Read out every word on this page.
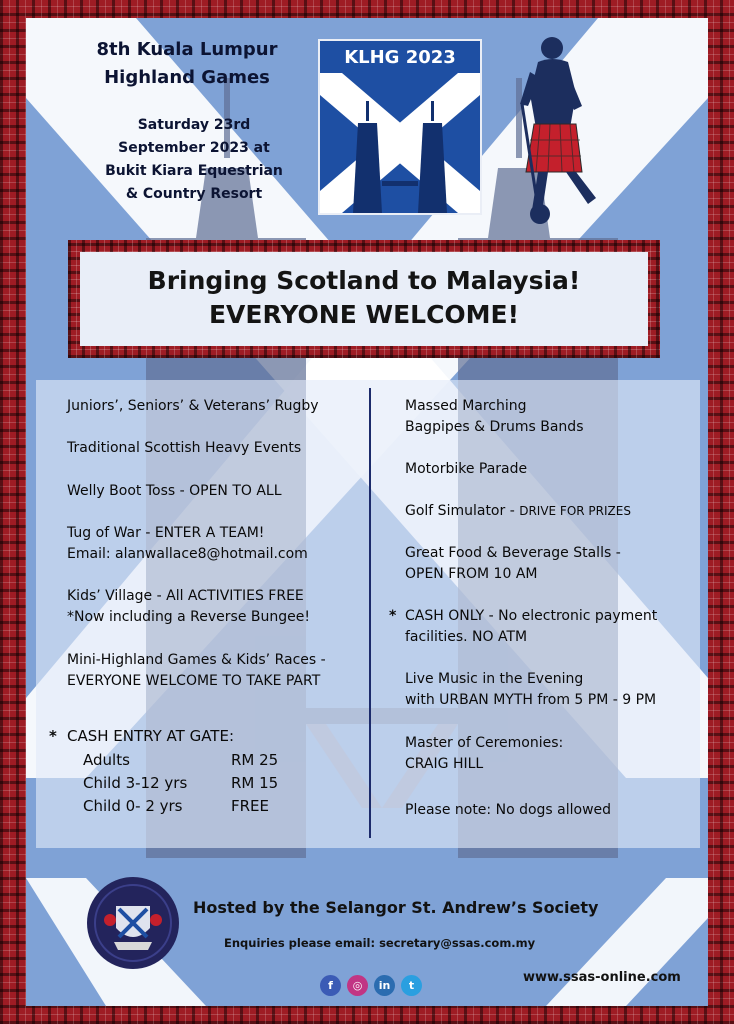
8th Kuala Lumpur
Highland Games
Saturday 23rd
September 2023 at
Bukit Kiara Equestrian
& Country Resort
KLHG 2023
Bringing Scotland to Malaysia!
EVERYONE WELCOME!
Juniors’, Seniors’ & Veterans’ Rugby
Traditional Scottish Heavy Events
Welly Boot Toss - OPEN TO ALL
Tug of War - ENTER A TEAM!
Email: alanwallace8@hotmail.com
Kids’ Village - All ACTIVITIES FREE
*Now including a Reverse Bungee!
Mini-Highland Games & Kids’ Races -
EVERYONE WELCOME TO TAKE PART
* CASH ENTRY AT GATE:
Adults	RM 25
Child 3-12 yrs	RM 15
Child 0- 2 yrs	FREE
Massed Marching
Bagpipes & Drums Bands
Motorbike Parade
Golf Simulator - DRIVE FOR PRIZES
Great Food & Beverage Stalls -
OPEN FROM 10 AM
* CASH ONLY - No electronic payment
facilities. NO ATM
Live Music in the Evening
with URBAN MYTH from 5 PM - 9 PM
Master of Ceremonies:
CRAIG HILL
Please note: No dogs allowed
Hosted by the Selangor St. Andrew’s Society
Enquiries please email: secretary@ssas.com.my
f	◎	in	t
www.ssas-online.com
